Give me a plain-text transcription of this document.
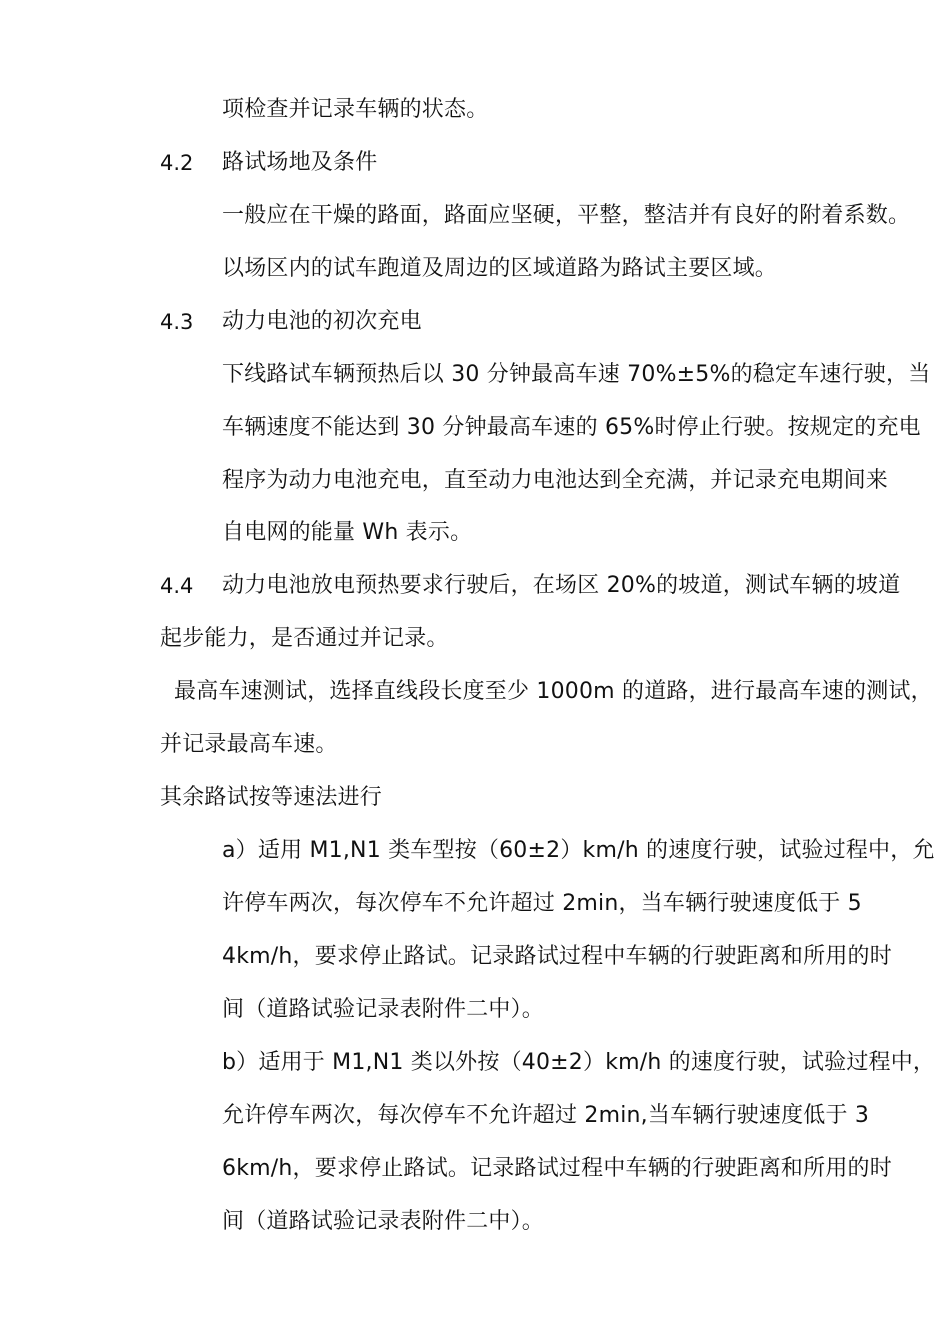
项检查并记录车辆的状态。
4.2 路试场地及条件
一般应在干燥的路面，路面应坚硬，平整，整洁并有良好的附着系数。
以场区内的试车跑道及周边的区域道路为路试主要区域。
4.3 动力电池的初次充电
下线路试车辆预热后以 30 分钟最高车速 70%±5%的稳定车速行驶，当
车辆速度不能达到 30 分钟最高车速的 65%时停止行驶。按规定的充电
程序为动力电池充电，直至动力电池达到全充满，并记录充电期间来
自电网的能量 Wh 表示。
4.4 动力电池放电预热要求行驶后，在场区 20%的坡道，测试车辆的坡道
起步能力，是否通过并记录。
最高车速测试，选择直线段长度至少 1000m 的道路，进行最高车速的测试，
并记录最高车速。
其余路试按等速法进行
a）适用 M1,N1 类车型按（60±2）km/h 的速度行驶，试验过程中，允
许停车两次，每次停车不允许超过 2min，当车辆行驶速度低于 5
4km/h，要求停止路试。记录路试过程中车辆的行驶距离和所用的时
间（道路试验记录表附件二中）。
b）适用于 M1,N1 类以外按（40±2）km/h 的速度行驶，试验过程中，
允许停车两次，每次停车不允许超过 2min,当车辆行驶速度低于 3
6km/h，要求停止路试。记录路试过程中车辆的行驶距离和所用的时
间（道路试验记录表附件二中）。
